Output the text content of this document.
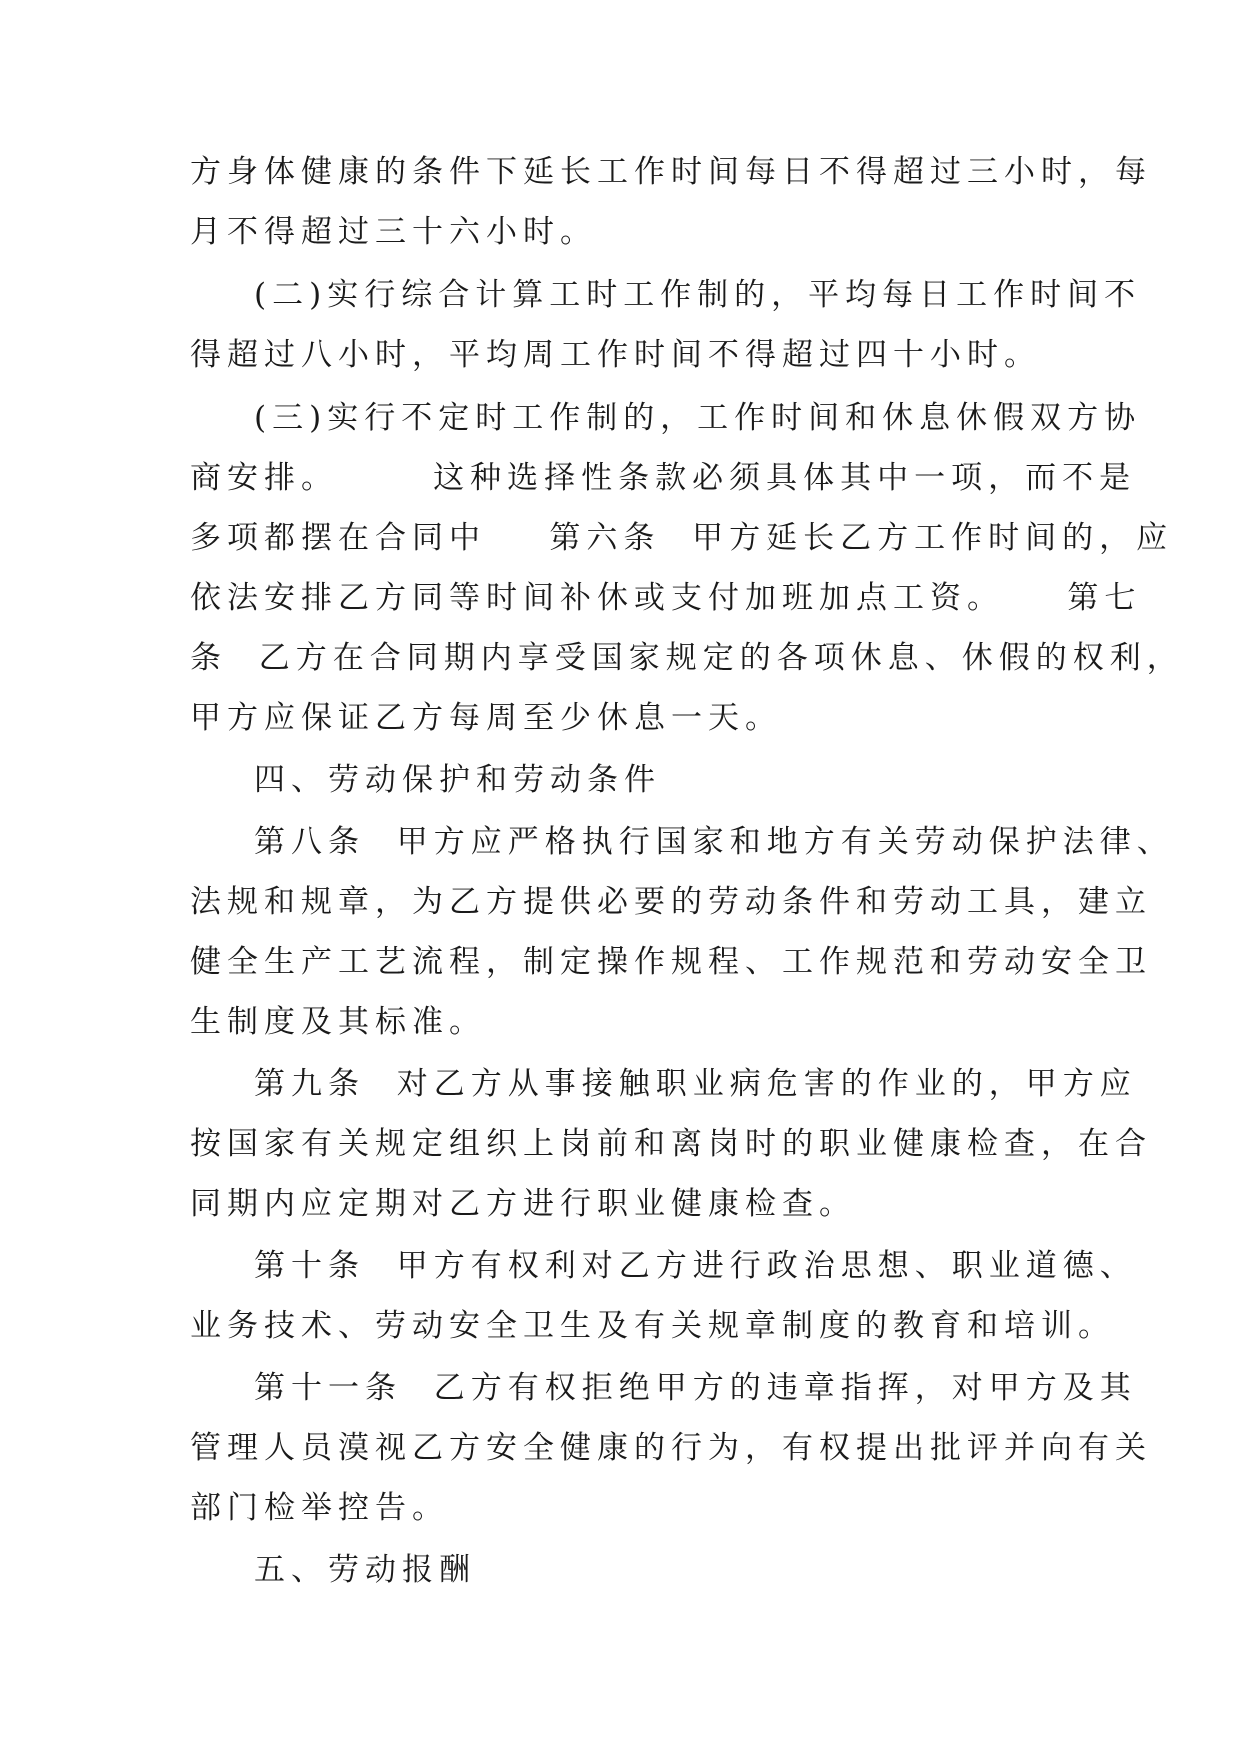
方身体健康的条件下延长工作时间每日不得超过三小时，每
月不得超过三十六小时。
(二)实行综合计算工时工作制的，平均每日工作时间不
得超过八小时，平均周工作时间不得超过四十小时。
(三)实行不定时工作制的，工作时间和休息休假双方协
商安排。      这种选择性条款必须具体其中一项，而不是
多项都摆在合同中    第六条  甲方延长乙方工作时间的，应
依法安排乙方同等时间补休或支付加班加点工资。    第七
条  乙方在合同期内享受国家规定的各项休息、休假的权利，
甲方应保证乙方每周至少休息一天。
四、劳动保护和劳动条件
第八条  甲方应严格执行国家和地方有关劳动保护法律、
法规和规章，为乙方提供必要的劳动条件和劳动工具，建立
健全生产工艺流程，制定操作规程、工作规范和劳动安全卫
生制度及其标准。
第九条  对乙方从事接触职业病危害的作业的，甲方应
按国家有关规定组织上岗前和离岗时的职业健康检查，在合
同期内应定期对乙方进行职业健康检查。
第十条  甲方有权利对乙方进行政治思想、职业道德、
业务技术、劳动安全卫生及有关规章制度的教育和培训。
第十一条  乙方有权拒绝甲方的违章指挥，对甲方及其
管理人员漠视乙方安全健康的行为，有权提出批评并向有关
部门检举控告。
五、劳动报酬
